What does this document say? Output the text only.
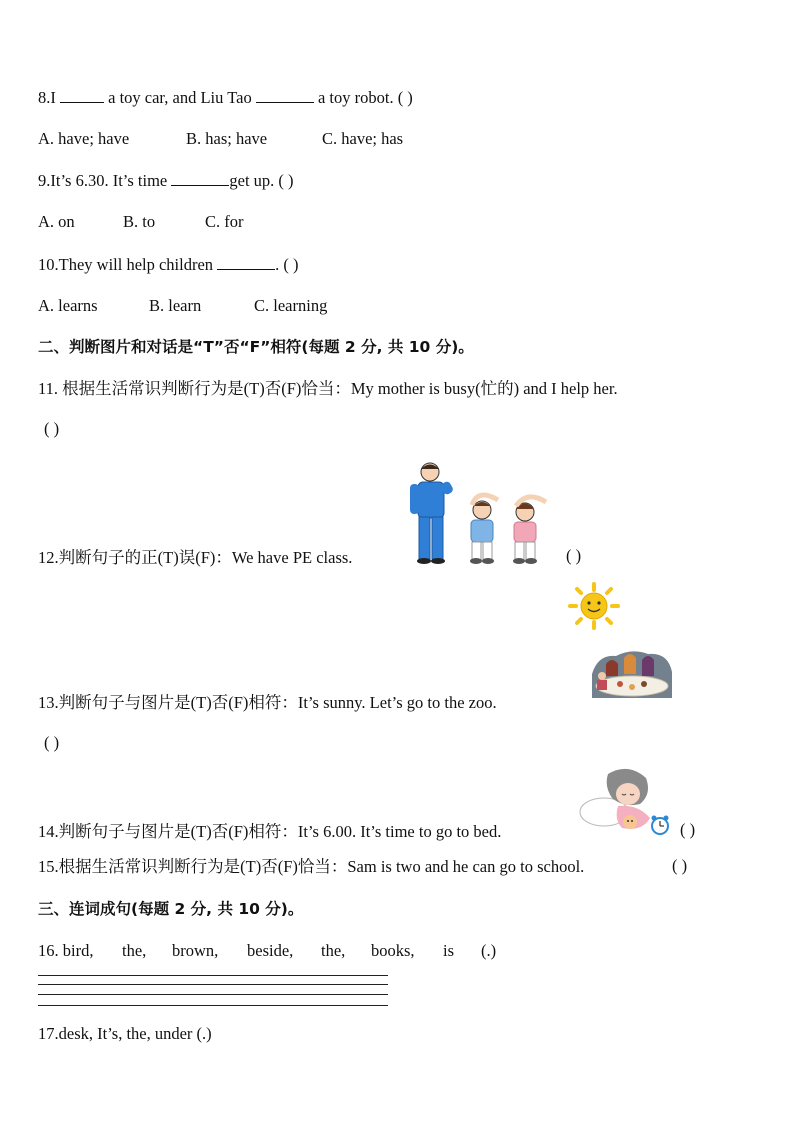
8.I	a toy car, and Liu Tao	a toy robot. ( )
A. have; have	B. has; have	C. have; has
9.It’s 6.30. It’s time	get up. ( )
A. on	B. to	C. for
10.They will help children	. ( )
A. learns	B. learn	C. learning
二、判断图片和对话是“T”否“F”相符(每题 2 分, 共 10 分)。
11. 根据生活常识判断行为是(T)否(F)恰当：My mother is busy(忙的) and I help her.
( )
12.判断句子的正(T)误(F)：We have PE class.	( )
13.判断句子与图片是(T)否(F)相符：It’s sunny. Let’s go to the zoo.
( )
14.判断句子与图片是(T)否(F)相符：It’s 6.00. It’s time to go to bed.	( )
15.根据生活常识判断行为是(T)否(F)恰当：Sam is two and he can go to school.	( )
三、连词成句(每题 2 分, 共 10 分)。
16. bird, the, brown, beside, the, books, is (.)
17.desk, It’s, the, under (.)
